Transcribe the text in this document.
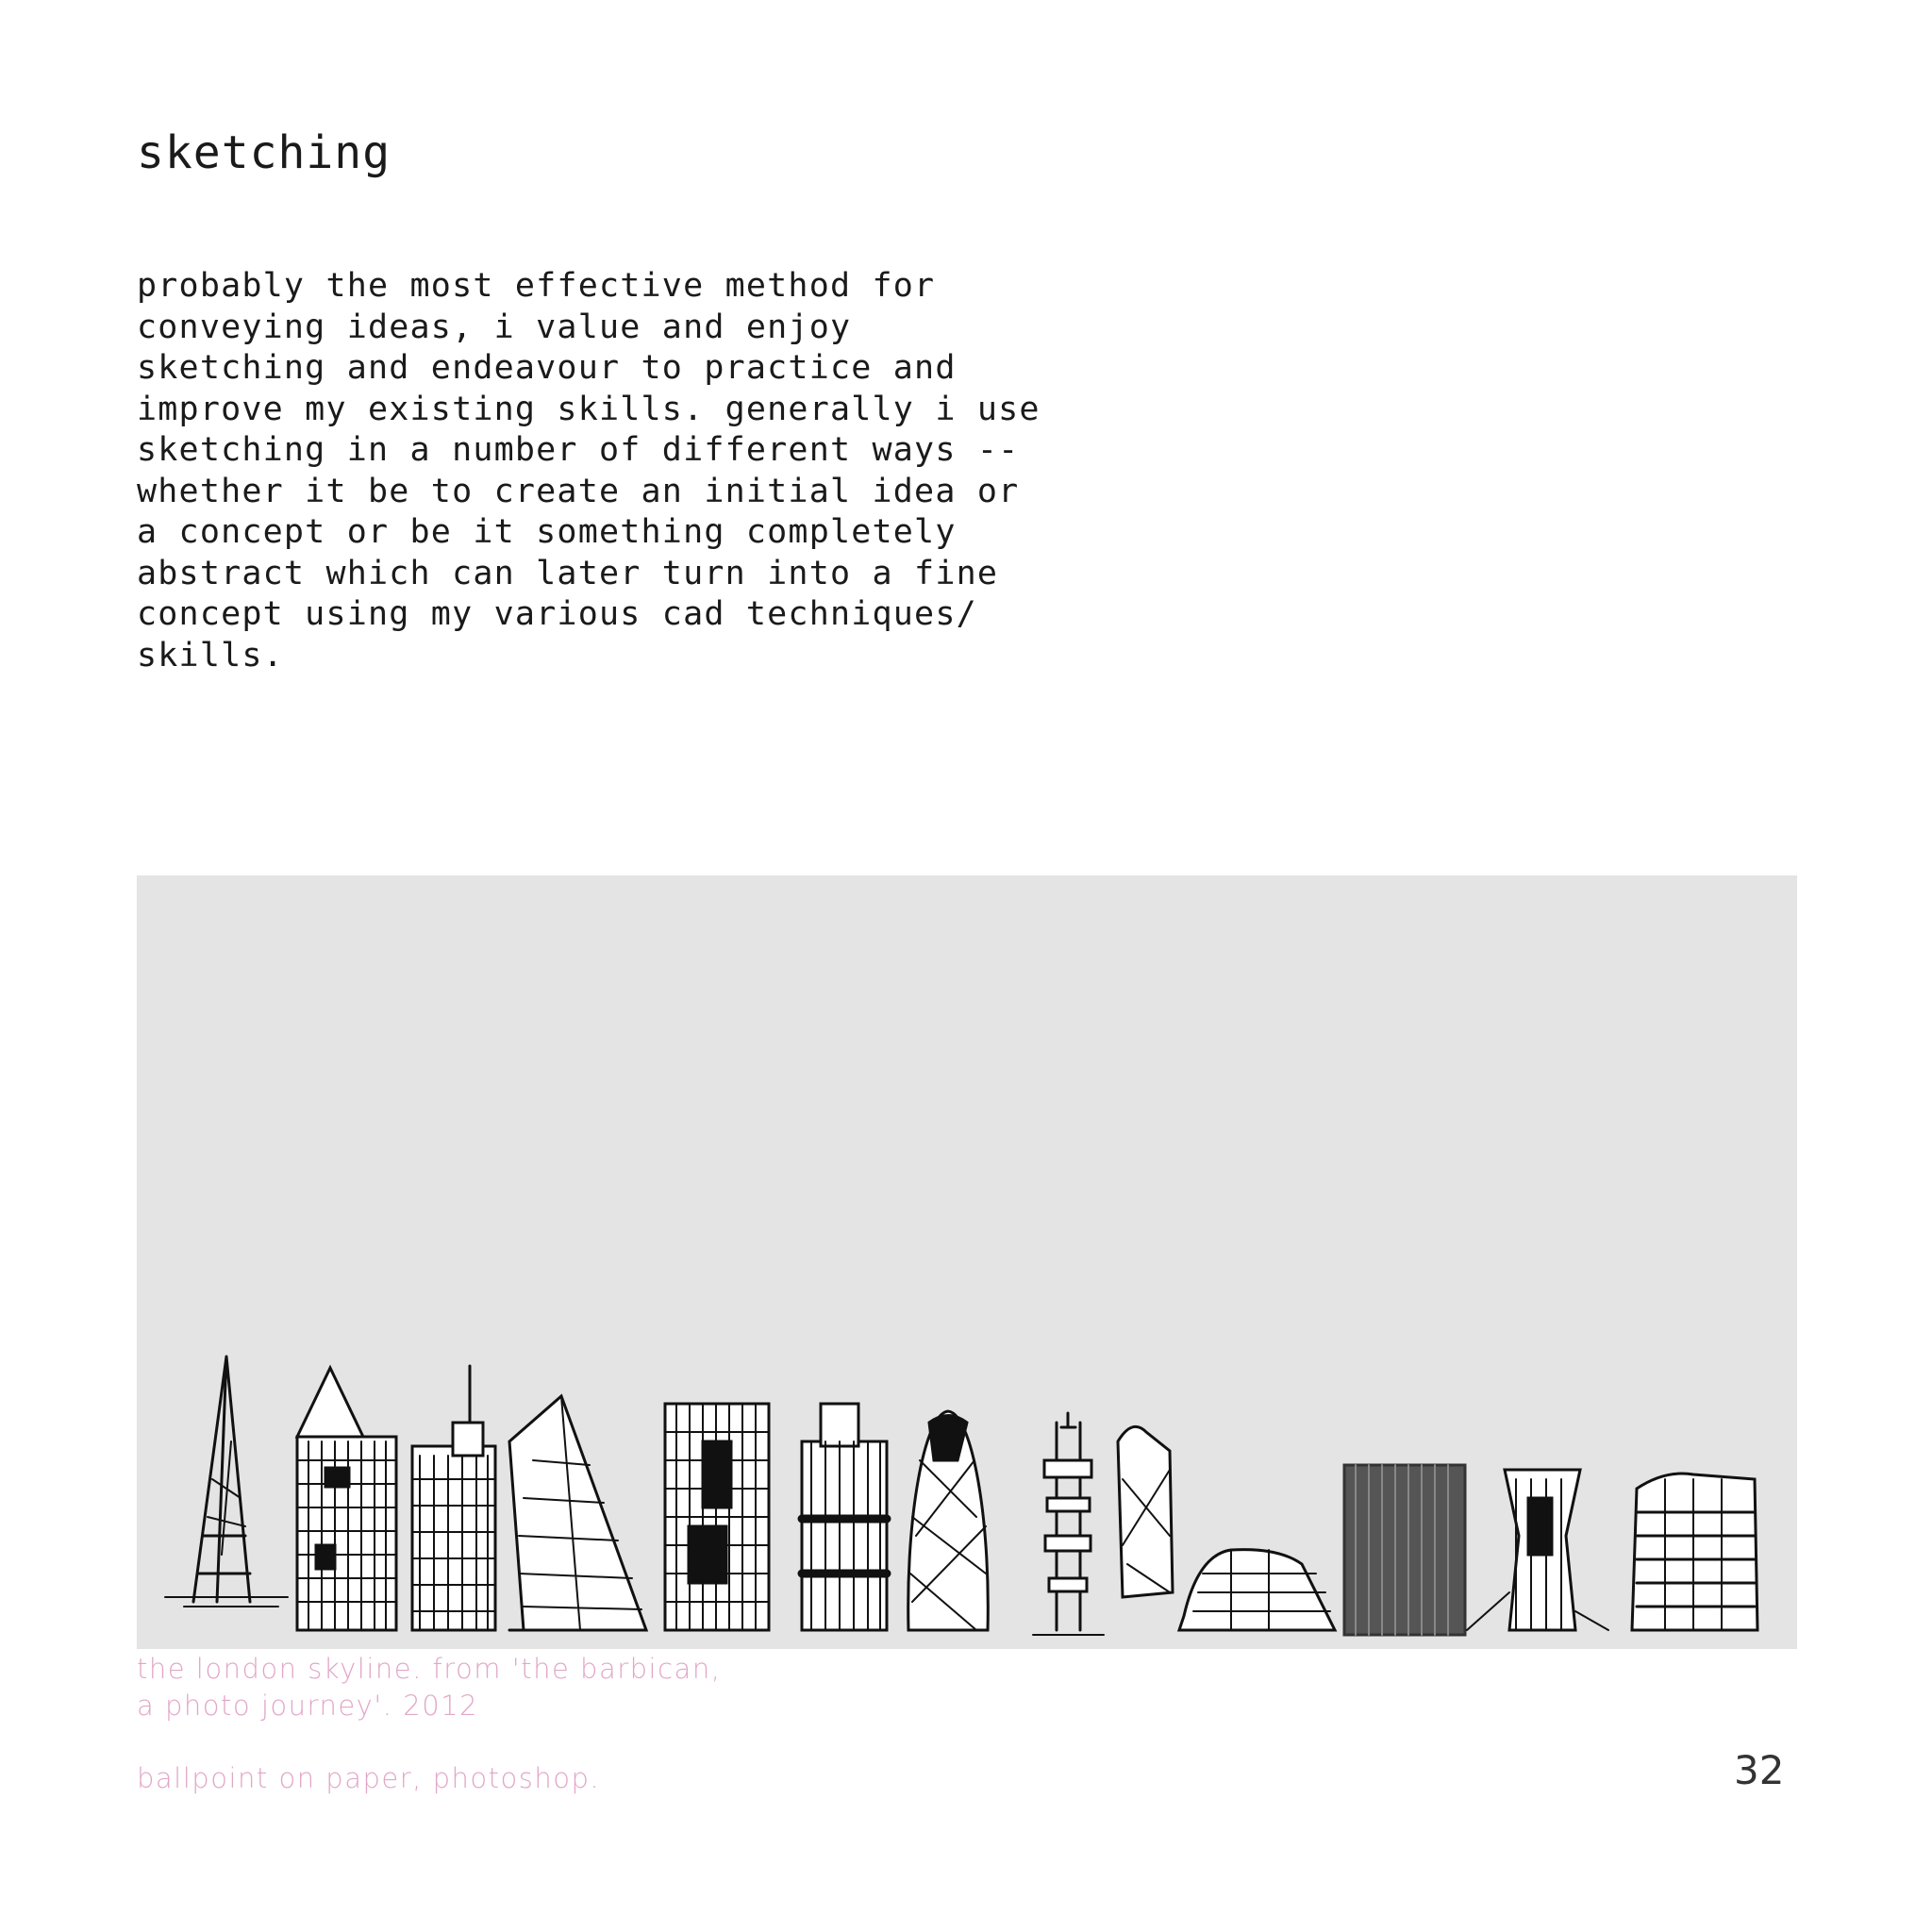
sketching

probably the most effective method for
conveying ideas, i value and enjoy
sketching and endeavour to practice and
improve my existing skills. generally i use
sketching in a number of different ways --
whether it be to create an initial idea or
a concept or be it something completely
abstract which can later turn into a fine
concept using my various cad techniques/
skills.

the london skyline. from 'the barbican,

a photo journey'. 2012

ballpoint on paper, photoshop.	32
